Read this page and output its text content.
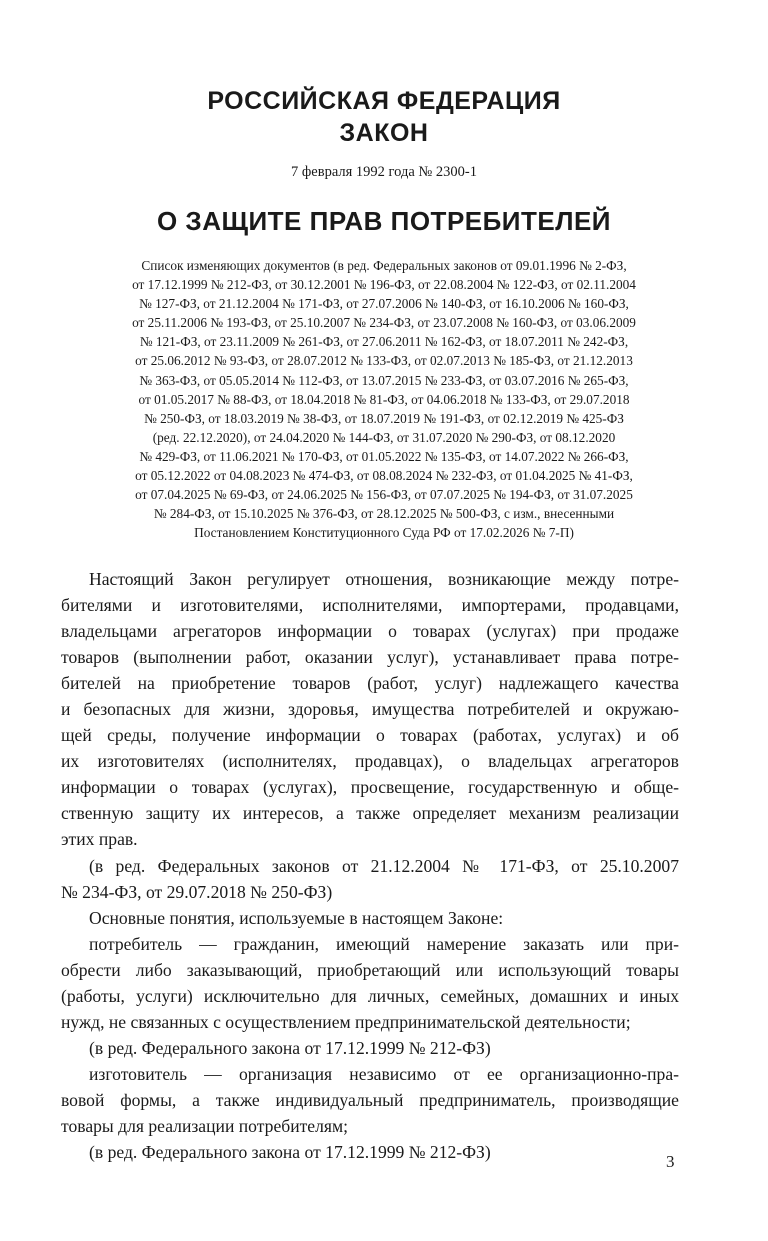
РОССИЙСКАЯ ФЕДЕРАЦИЯ
ЗАКОН
7 февраля 1992 года № 2300-1
О ЗАЩИТЕ ПРАВ ПОТРЕБИТЕЛЕЙ
Список изменяющих документов (в ред. Федеральных законов от 09.01.1996 № 2-ФЗ,
от 17.12.1999 № 212-ФЗ, от 30.12.2001 № 196-ФЗ, от 22.08.2004 № 122-ФЗ, от 02.11.2004
№ 127-ФЗ, от 21.12.2004 № 171-ФЗ, от 27.07.2006 № 140-ФЗ, от 16.10.2006 № 160-ФЗ,
от 25.11.2006 № 193-ФЗ, от 25.10.2007 № 234-ФЗ, от 23.07.2008 № 160-ФЗ, от 03.06.2009
№ 121-ФЗ, от 23.11.2009 № 261-ФЗ, от 27.06.2011 № 162-ФЗ, от 18.07.2011 № 242-ФЗ,
от 25.06.2012 № 93-ФЗ, от 28.07.2012 № 133-ФЗ, от 02.07.2013 № 185-ФЗ, от 21.12.2013
№ 363-ФЗ, от 05.05.2014 № 112-ФЗ, от 13.07.2015 № 233-ФЗ, от 03.07.2016 № 265-ФЗ,
от 01.05.2017 № 88-ФЗ, от 18.04.2018 № 81-ФЗ, от 04.06.2018 № 133-ФЗ, от 29.07.2018
№ 250-ФЗ, от 18.03.2019 № 38-ФЗ, от 18.07.2019 № 191-ФЗ, от 02.12.2019 № 425-ФЗ
(ред. 22.12.2020), от 24.04.2020 № 144-ФЗ, от 31.07.2020 № 290-ФЗ, от 08.12.2020
№ 429-ФЗ, от 11.06.2021 № 170-ФЗ, от 01.05.2022 № 135-ФЗ, от 14.07.2022 № 266-ФЗ,
от 05.12.2022 от 04.08.2023 № 474-ФЗ, от 08.08.2024 № 232-ФЗ, от 01.04.2025 № 41-ФЗ,
от 07.04.2025 № 69-ФЗ, от 24.06.2025 № 156-ФЗ, от 07.07.2025 № 194-ФЗ, от 31.07.2025
№ 284-ФЗ, от 15.10.2025 № 376-ФЗ, от 28.12.2025 № 500-ФЗ, с изм., внесенными
Постановлением Конституционного Суда РФ от 17.02.2026 № 7-П)
Настоящий Закон регулирует отношения, возникающие между потре-
бителями и изготовителями, исполнителями, импортерами, продавцами,
владельцами агрегаторов информации о товарах (услугах) при продаже
товаров (выполнении работ, оказании услуг), устанавливает права потре-
бителей на приобретение товаров (работ, услуг) надлежащего качества
и безопасных для жизни, здоровья, имущества потребителей и окружаю-
щей среды, получение информации о товарах (работах, услугах) и об
их изготовителях (исполнителях, продавцах), о владельцах агрегаторов
информации о товарах (услугах), просвещение, государственную и обще-
ственную защиту их интересов, а также определяет механизм реализации
этих прав.
(в ред. Федеральных законов от 21.12.2004 № 171-ФЗ, от 25.10.2007
№ 234-ФЗ, от 29.07.2018 № 250-ФЗ)
Основные понятия, используемые в настоящем Законе:
потребитель — гражданин, имеющий намерение заказать или при-
обрести либо заказывающий, приобретающий или использующий товары
(работы, услуги) исключительно для личных, семейных, домашних и иных
нужд, не связанных с осуществлением предпринимательской деятельности;
(в ред. Федерального закона от 17.12.1999 № 212-ФЗ)
изготовитель — организация независимо от ее организационно-пра-
вовой формы, а также индивидуальный предприниматель, производящие
товары для реализации потребителям;
(в ред. Федерального закона от 17.12.1999 № 212-ФЗ)	3
